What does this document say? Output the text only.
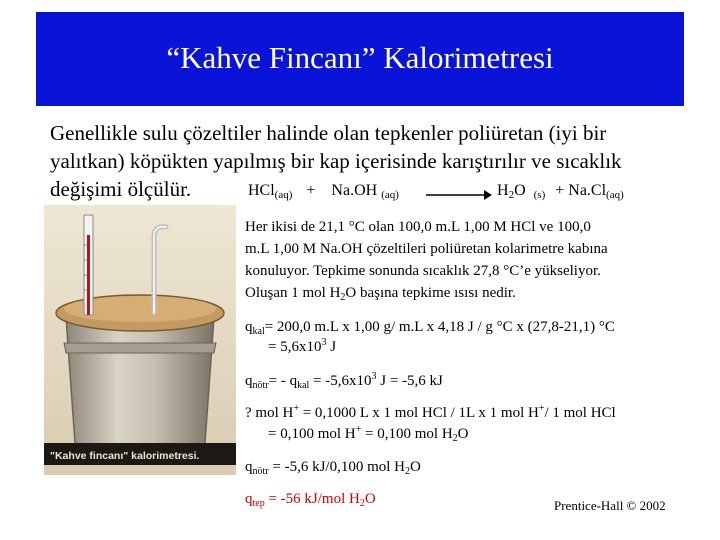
“Kahve Fincanı” Kalorimetresi
Genellikle sulu çözeltiler halinde olan tepkenler poliüretan (iyi bir
yalıtkan) köpükten yapılmış bir kap içerisinde karıştırılır ve sıcaklık
değişimi ölçülür.	HCl$_{(aq)}$ + Na.OH $_{(aq)}$	$H_2O$ $_{(s)} + Na.Cl_{(aq)}$
"Kahve fincanı" kalorimetresi.
Her ikisi de 21,1 °C olan 100,0 m.L 1,00 M HCl ve 100,0
m.L 1,00 M Na.OH çözeltileri poliüretan kolarimetre kabına
konuluyor. Tepkime sonunda sıcaklık 27,8 °C’e yükseliyor.
Oluşan 1 mol $H_2O$ başına tepkime ısısı nedir.
$q_{kal}= 200,0$ m.L x 1,00 g/ m.L x 4,18 J / g °C x (27,8-21,1) °C
= $5,6x10^3$ J
$q_{nötr}= - q_{kal} = -5,6x10^3$ J = -5,6 kJ
? mol H+ = 0,1000 L x 1 mol HCl / 1L x 1 mol H+/ 1 mol HCl
= 0,100 mol H+ = 0,100 mol $H_2O$
$q_{nötr} = -5,6$ kJ/0,100 mol $H_2O$
$q_{tep} = -56$ kJ/mol $H_2O$	Prentice-Hall © 2002
